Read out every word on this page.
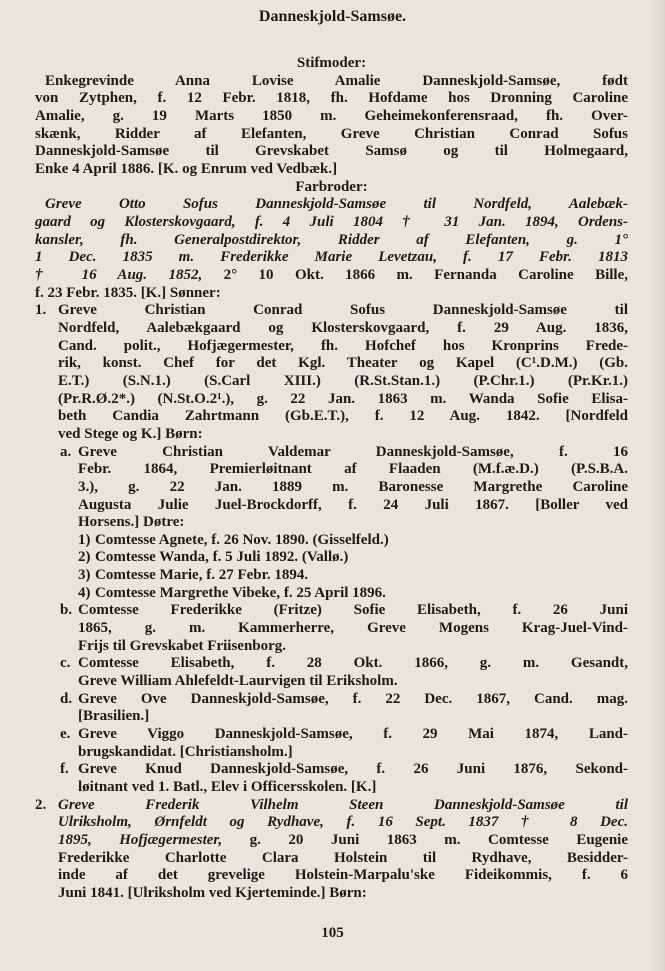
Danneskjold-Samsøe.
Stifmoder:
Enkegrevinde Anna Lovise Amalie Danneskjold-Samsøe, født
von Zytphen, f. 12 Febr. 1818, fh. Hofdame hos Dronning Caroline
Amalie, g. 19 Marts 1850 m. Geheimekonferensraad, fh. Over-
skænk, Ridder af Elefanten, Greve Christian Conrad Sofus
Danneskjold-Samsøe til Grevskabet Samsø og til Holmegaard,
Enke 4 April 1886. [K. og Enrum ved Vedbæk.]
Farbroder:
Greve Otto Sofus Danneskjold-Samsøe til Nordfeld, Aalebæk-
gaard og Klosterskovgaard, f. 4 Juli 1804 † 31 Jan. 1894, Ordens-
kansler, fh. Generalpostdirektor, Ridder af Elefanten, g. 1°
1 Dec. 1835 m. Frederikke Marie Levetzau, f. 17 Febr. 1813
† 16 Aug. 1852, 2° 10 Okt. 1866 m. Fernanda Caroline Bille,
f. 23 Febr. 1835. [K.] Sønner:
1. Greve Christian Conrad Sofus Danneskjold-Samsøe til
Nordfeld, Aalebækgaard og Klosterskovgaard, f. 29 Aug. 1836,
Cand. polit., Hofjægermester, fh. Hofchef hos Kronprins Frede-
rik, konst. Chef for det Kgl. Theater og Kapel (C¹.D.M.) (Gb.
E.T.) (S.N.1.) (S.Carl XIII.) (R.St.Stan.1.) (P.Chr.1.) (Pr.Kr.1.)
(Pr.R.Ø.2*.) (N.St.O.2¹.), g. 22 Jan. 1863 m. Wanda Sofie Elisa-
beth Candia Zahrtmann (Gb.E.T.), f. 12 Aug. 1842. [Nordfeld
ved Stege og K.] Børn:
a. Greve Christian Valdemar Danneskjold-Samsøe, f. 16
Febr. 1864, Premierløitnant af Flaaden (M.f.æ.D.) (P.S.B.A.
3.), g. 22 Jan. 1889 m. Baronesse Margrethe Caroline
Augusta Julie Juel-Brockdorff, f. 24 Juli 1867. [Boller ved
Horsens.] Døtre:
1) Comtesse Agnete, f. 26 Nov. 1890. (Gisselfeld.)
2) Comtesse Wanda, f. 5 Juli 1892. (Vallø.)
3) Comtesse Marie, f. 27 Febr. 1894.
4) Comtesse Margrethe Vibeke, f. 25 April 1896.
b. Comtesse Frederikke (Fritze) Sofie Elisabeth, f. 26 Juni
1865, g. m. Kammerherre, Greve Mogens Krag-Juel-Vind-
Frijs til Grevskabet Friisenborg.
c. Comtesse Elisabeth, f. 28 Okt. 1866, g. m. Gesandt,
Greve William Ahlefeldt-Laurvigen til Eriksholm.
d. Greve Ove Danneskjold-Samsøe, f. 22 Dec. 1867, Cand. mag.
[Brasilien.]
e. Greve Viggo Danneskjold-Samsøe, f. 29 Mai 1874, Land-
brugskandidat. [Christiansholm.]
f. Greve Knud Danneskjold-Samsøe, f. 26 Juni 1876, Sekond-
løitnant ved 1. Batl., Elev i Officersskolen. [K.]
2. Greve Frederik Vilhelm Steen Danneskjold-Samsøe til
Ulriksholm, Ørnfeldt og Rydhave, f. 16 Sept. 1837 † 8 Dec.
1895, Hofjægermester, g. 20 Juni 1863 m. Comtesse Eugenie
Frederikke Charlotte Clara Holstein til Rydhave, Besidder-
inde af det grevelige Holstein-Marpalu'ske Fideikommis, f. 6
Juni 1841. [Ulriksholm ved Kjerteminde.] Børn:
105
